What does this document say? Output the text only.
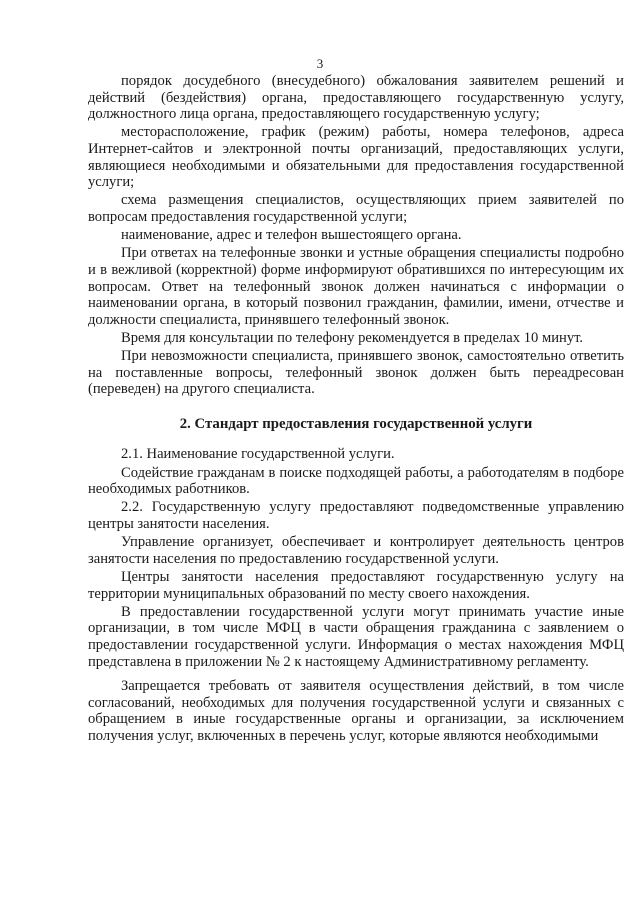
3

порядок досудебного (внесудебного) обжалования заявителем решений и действий (бездействия) органа, предоставляющего государственную услугу, должностного лица органа, предоставляющего государственную услугу;

месторасположение, график (режим) работы, номера телефонов, адреса Интернет-сайтов и электронной почты организаций, предоставляющих услуги, являющиеся необходимыми и обязательными для предоставления государственной услуги;

схема размещения специалистов, осуществляющих прием заявителей по вопросам предоставления государственной услуги;

наименование, адрес и телефон вышестоящего органа.

При ответах на телефонные звонки и устные обращения специалисты подробно и в вежливой (корректной) форме информируют обратившихся по интересующим их вопросам. Ответ на телефонный звонок должен начинаться с информации о наименовании органа, в который позвонил гражданин, фамилии, имени, отчестве и должности специалиста, принявшего телефонный звонок.

Время для консультации по телефону рекомендуется в пределах 10 минут.

При невозможности специалиста, принявшего звонок, самостоятельно ответить на поставленные вопросы, телефонный звонок должен быть переадресован (переведен) на другого специалиста.

2. Стандарт предоставления государственной услуги

2.1. Наименование государственной услуги.

Содействие гражданам в поиске подходящей работы, а работодателям в подборе необходимых работников.

2.2. Государственную услугу предоставляют подведомственные управлению центры занятости населения.

Управление организует, обеспечивает и контролирует деятельность центров занятости населения по предоставлению государственной услуги.

Центры занятости населения предоставляют государственную услугу на территории муниципальных образований по месту своего нахождения.

В предоставлении государственной услуги могут принимать участие иные организации, в том числе МФЦ в части обращения гражданина с заявлением о предоставлении государственной услуги. Информация о местах нахождения МФЦ представлена в приложении № 2 к настоящему Административному регламенту.

Запрещается требовать от заявителя осуществления действий, в том числе согласований, необходимых для получения государственной услуги и связанных с обращением в иные государственные органы и организации, за исключением получения услуг, включенных в перечень услуг, которые являются необходимыми
